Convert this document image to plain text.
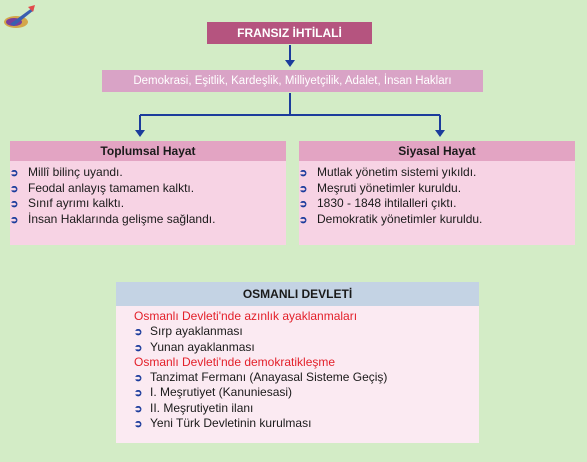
FRANSIZ İHTİLALİ
Demokrasi, Eşitlik, Kardeşlik, Milliyetçilik, Adalet, İnsan Hakları
Toplumsal Hayat
➲ Millî bilinç uyandı.
➲ Feodal anlayış tamamen kalktı.
➲ Sınıf ayrımı kalktı.
➲ İnsan Haklarında gelişme sağlandı.
Siyasal Hayat
➲ Mutlak yönetim sistemi yıkıldı.
➲ Meşruti yönetimler kuruldu.
➲ 1830 - 1848 ihtilalleri çıktı.
➲ Demokratik yönetimler kuruldu.
OSMANLI DEVLETİ
Osmanlı Devleti'nde azınlık ayaklanmaları
➲ Sırp ayaklanması
➲ Yunan ayaklanması
Osmanlı Devleti'nde demokratikleşme
➲ Tanzimat Fermanı (Anayasal Sisteme Geçiş)
➲ I. Meşrutiyet (Kanuniesasi)
➲ II. Meşrutiyetin ilanı
➲ Yeni Türk Devletinin kurulması
